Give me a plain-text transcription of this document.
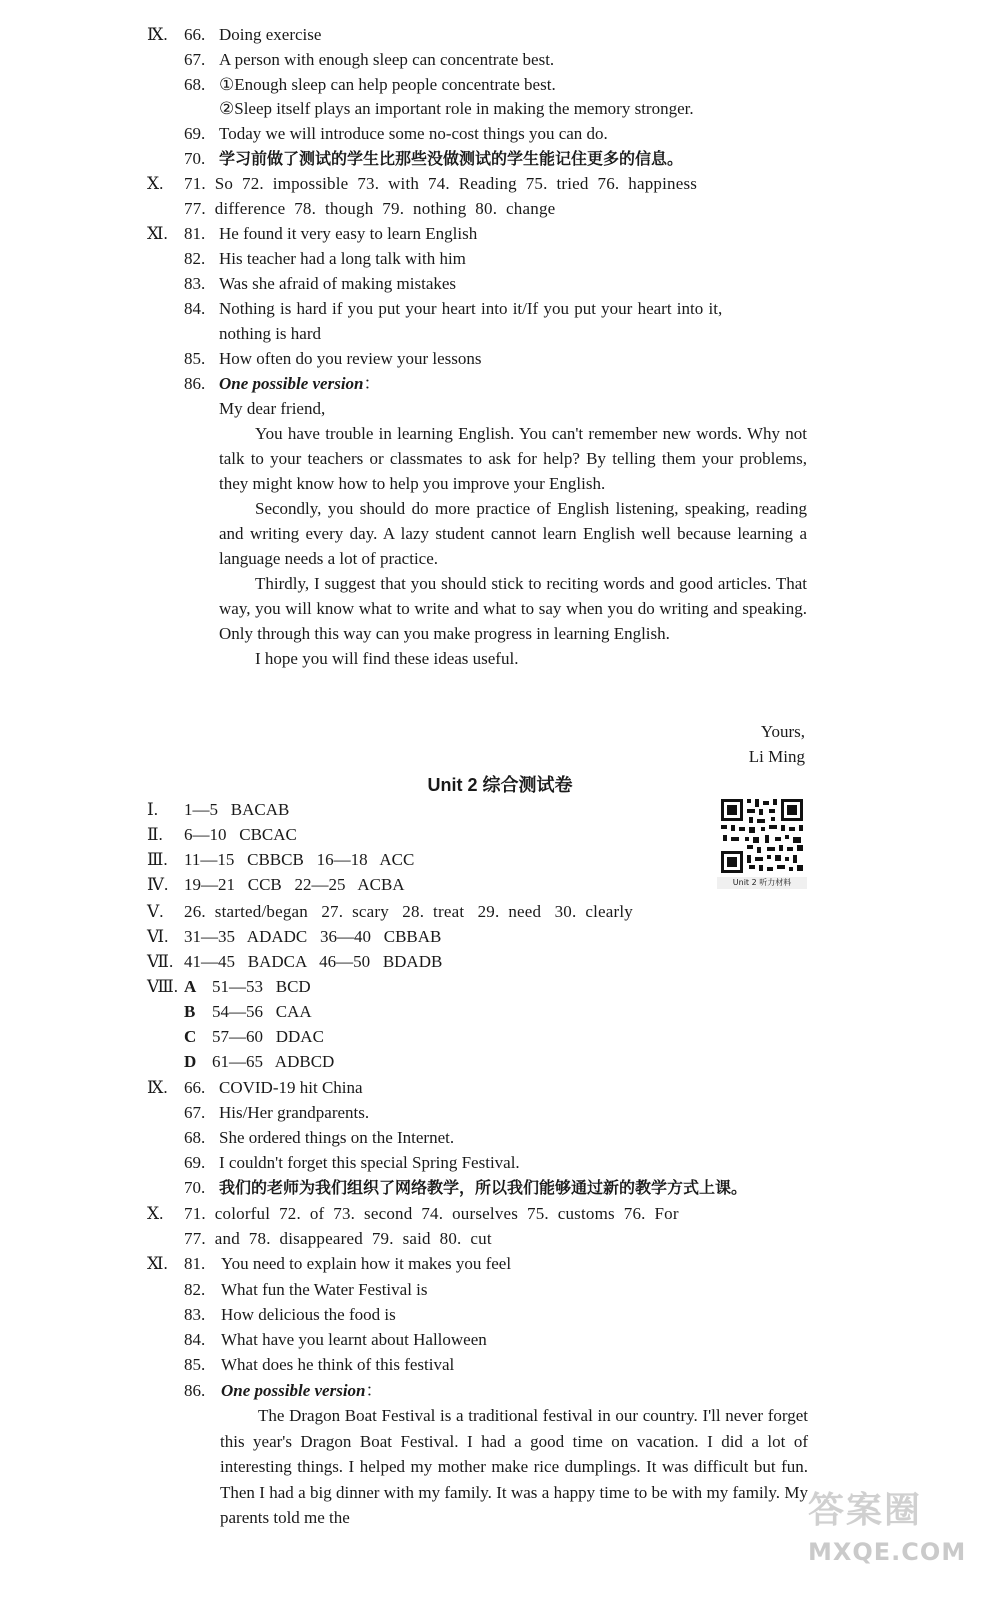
Ⅸ. 66. Doing exercise
67. A person with enough sleep can concentrate best.
68. ①Enough sleep can help people concentrate best.
②Sleep itself plays an important role in making the memory stronger.
69. Today we will introduce some no-cost things you can do.
70. 学习前做了测试的学生比那些没做测试的学生能记住更多的信息。
Ⅹ.	71.  So  72.  impossible  73.  with  74.  Reading  75.  tried  76.  happiness
77.  difference  78.  though  79.  nothing  80.  change
Ⅺ. 81. He found it very easy to learn English
82. His teacher had a long talk with him
83. Was she afraid of making mistakes
84. Nothing is hard if you put your heart into it/If you put your heart into it,
nothing is hard
85. How often do you review your lessons
86. One possible version：

My dear friend,

You have trouble in learning English. You can't remember new words. Why not talk to your teachers or classmates to ask for help? By telling them your problems, they might know how to help you improve your English.

Secondly, you should do more practice of English listening, speaking, reading and writing every day. A lazy student cannot learn English well because learning a language needs a lot of practice.

Thirdly, I suggest that you should stick to reciting words and good articles. That way, you will know what to write and what to say when you do writing and speaking. Only through this way can you make progress in learning English.

I hope you will find these ideas useful.

Yours,
Li Ming
Unit 2 综合测试卷
Unit 2 听力材料
Ⅰ.	1—5   BACAB
Ⅱ.	6—10   CBCAC
Ⅲ. 11—15   CBBCB   16—18   ACC
Ⅳ. 19—21   CCB   22—25   ACBA
Ⅴ.	26.  started/began   27.  scary   28.  treat   29.  need   30.  clearly
Ⅵ. 31—35   ADADC   36—40   CBBAB
Ⅶ. 41—45   BADCA   46—50   BDADB
Ⅷ. A 51—53   BCD
B 54—56   CAA
C 57—60   DDAC
D 61—65   ADBCD
Ⅸ. 66. COVID-19 hit China
67. His/Her grandparents.
68. She ordered things on the Internet.
69. I couldn't forget this special Spring Festival.
70. 我们的老师为我们组织了网络教学，所以我们能够通过新的教学方式上课。
Ⅹ.	71.  colorful  72.  of  73.  second  74.  ourselves  75.  customs  76.  For
77.  and  78.  disappeared  79.  said  80.  cut
Ⅺ. 81. You need to explain how it makes you feel
82. What fun the Water Festival is
83. How delicious the food is
84. What have you learnt about Halloween
85. What does he think of this festival
86. One possible version：

The Dragon Boat Festival is a traditional festival in our country. I'll never forget this year's Dragon Boat Festival. I had a good time on vacation. I did a lot of interesting things. I helped my mother make rice dumplings. It was difficult but fun. Then I had a big dinner with my family. It was a happy time to be with my family. My parents told me the	答案圈
MXQE.COM
